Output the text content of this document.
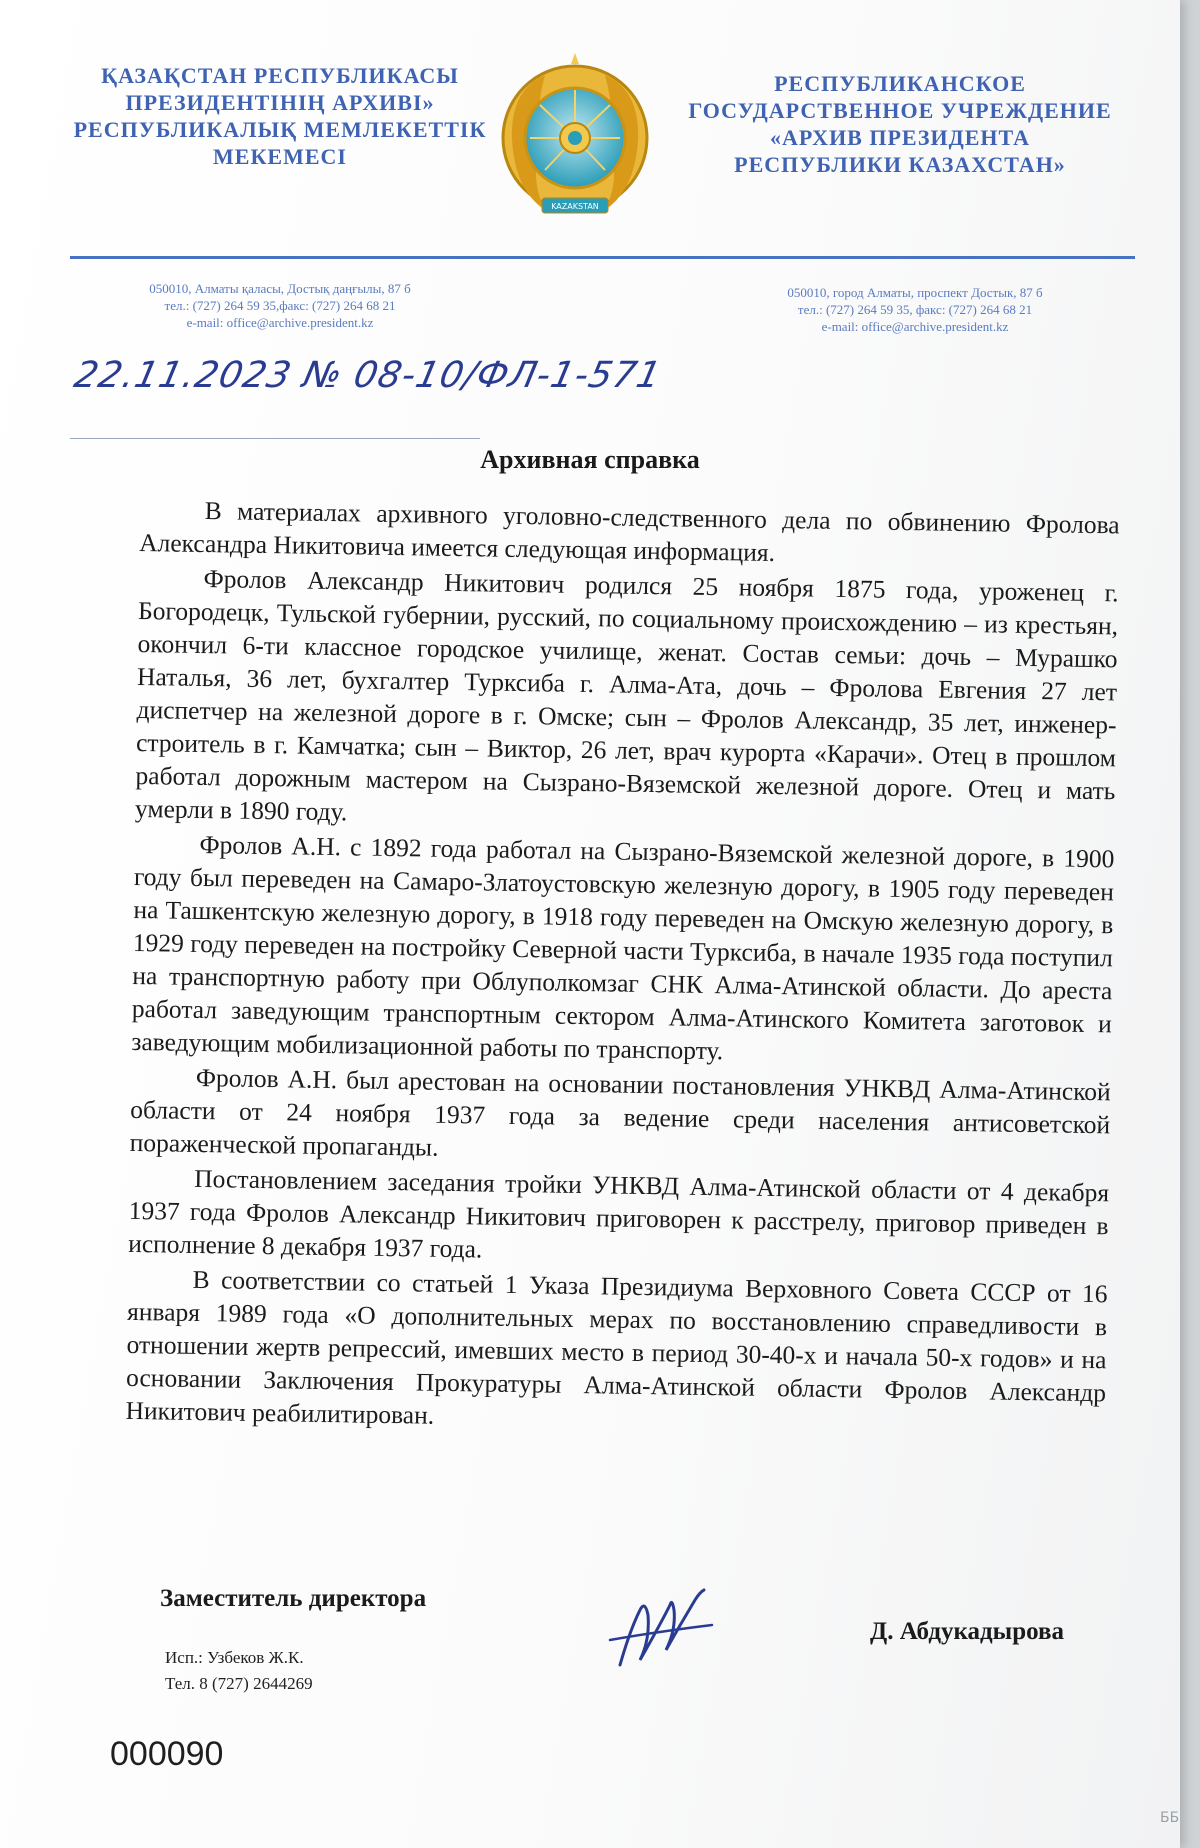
ҚАЗАҚСТАН РЕСПУБЛИКАСЫ
ПРЕЗИДЕНТІНІҢ АРХИВІ»
РЕСПУБЛИКАЛЫҚ МЕМЛЕКЕТТІК
МЕКЕМЕСІ
KAZAKSTAN
РЕСПУБЛИКАНСКОЕ
ГОСУДАРСТВЕННОЕ УЧРЕЖДЕНИЕ
«АРХИВ ПРЕЗИДЕНТА
РЕСПУБЛИКИ КАЗАХСТАН»
050010, Алматы қаласы, Достық даңғылы, 87 б
тел.: (727) 264 59 35,факс: (727) 264 68 21
e-mail: office@archive.president.kz
050010, город Алматы, проспект Достык, 87 б
тел.: (727) 264 59 35, факс: (727) 264 68 21
e-mail: office@archive.president.kz
22.11.2023 № 08-10/ФЛ-1-571
Архивная справка

В материалах архивного уголовно-следственного дела по обвинению Фролова Александра Никитовича имеется следующая информация.

Фролов Александр Никитович родился 25 ноября 1875 года, уроженец г. Богородецк, Тульской губернии, русский, по социальному происхождению – из крестьян, окончил 6-ти классное городское училище, женат. Состав семьи: дочь – Мурашко Наталья, 36 лет, бухгалтер Турксиба г. Алма-Ата, дочь – Фролова Евгения 27 лет диспетчер на железной дороге в г. Омске; сын – Фролов Александр, 35 лет, инженер-строитель в г. Камчатка; сын – Виктор, 26 лет, врач курорта «Карачи». Отец в прошлом работал дорожным мастером на Сызрано-Вяземской железной дороге. Отец и мать умерли в 1890 году.

Фролов А.Н. с 1892 года работал на Сызрано-Вяземской железной дороге, в 1900 году был переведен на Самаро-Златоустовскую железную дорогу, в 1905 году переведен на Ташкентскую железную дорогу, в 1918 году переведен на Омскую железную дорогу, в 1929 году переведен на постройку Северной части Турксиба, в начале 1935 года поступил на транспортную работу при Облуполкомзаг СНК Алма-Атинской области. До ареста работал заведующим транспортным сектором Алма-Атинского Комитета заготовок и заведующим мобилизационной работы по транспорту.

Фролов А.Н. был арестован на основании постановления УНКВД Алма-Атинской области от 24 ноября 1937 года за ведение среди населения антисоветской пораженческой пропаганды.

Постановлением заседания тройки УНКВД Алма-Атинской области от 4 декабря 1937 года Фролов Александр Никитович приговорен к расстрелу, приговор приведен в исполнение 8 декабря 1937 года.

В соответствии со статьей 1 Указа Президиума Верховного Совета СССР от 16 января 1989 года «О дополнительных мерах по восстановлению справедливости в отношении жертв репрессий, имевших место в период 30-40-х и начала 50-х годов» и на основании Заключения Прокуратуры Алма-Атинской области Фролов Александр Никитович реабилитирован.

Заместитель директора
Д. Абдукадырова
Исп.: Узбеков Ж.К.
Тел. 8 (727) 2644269
000090
ББ
